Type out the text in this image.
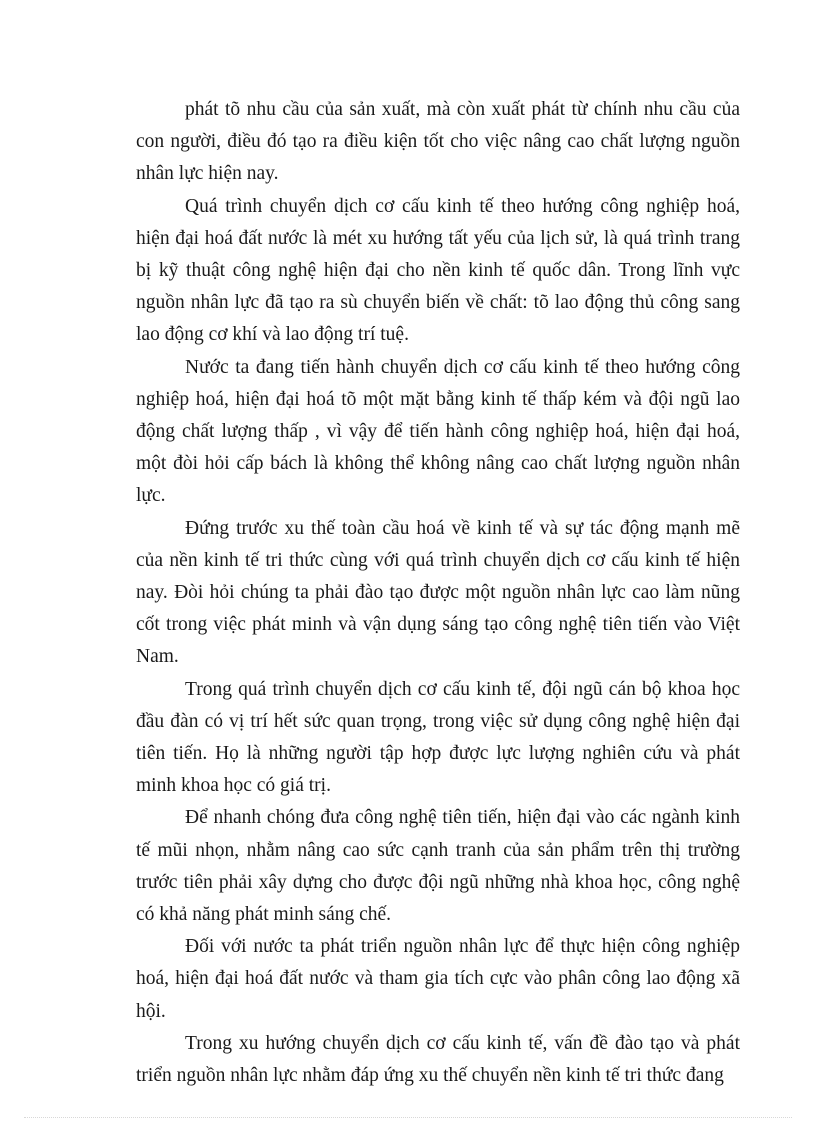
phát tõ nhu cầu của sản xuất, mà còn xuất phát từ chính nhu cầu của con người, điều đó tạo ra điều kiện tốt cho việc nâng cao chất lượng nguồn nhân lực hiện nay.

Quá trình chuyển dịch cơ cấu kinh tế theo hướng công nghiệp hoá, hiện đại hoá đất nước là mét xu hướng tất yếu của lịch sử, là quá trình trang bị kỹ thuật công nghệ hiện đại cho nền kinh tế quốc dân. Trong lĩnh vực nguồn nhân lực đã tạo ra sù chuyển biến về chất: tõ lao động thủ công sang lao động cơ khí và lao động trí tuệ.

Nước ta đang tiến hành chuyển dịch cơ cấu kinh tế theo hướng công nghiệp hoá, hiện đại hoá tõ một mặt bằng kinh tế thấp kém và đội ngũ lao động chất lượng thấp , vì vậy để tiến hành công nghiệp hoá, hiện đại hoá, một đòi hỏi cấp bách là không thể không nâng cao chất lượng nguồn nhân lực.

Đứng trước xu thế toàn cầu hoá về kinh tế và sự tác động mạnh mẽ của nền kinh tế tri thức cùng với quá trình chuyển dịch cơ cấu kinh tế hiện nay. Đòi hỏi chúng ta phải đào tạo được một nguồn nhân lực cao làm nũng cốt trong việc phát minh và vận dụng sáng tạo công nghệ tiên tiến vào Việt Nam.

Trong quá trình chuyển dịch cơ cấu kinh tế, đội ngũ cán bộ khoa học đầu đàn có vị trí hết sức quan trọng, trong việc sử dụng công nghệ hiện đại tiên tiến. Họ là những người tập hợp được lực lượng nghiên cứu và phát minh khoa học có giá trị.

Để nhanh chóng đưa công nghệ tiên tiến, hiện đại vào các ngành kinh tế mũi nhọn, nhằm nâng cao sức cạnh tranh của sản phẩm trên thị trường trước tiên phải xây dựng cho được đội ngũ những nhà khoa học, công nghệ có khả năng phát minh sáng chế.

Đối với nước ta phát triển nguồn nhân lực để thực hiện công nghiệp hoá, hiện đại hoá đất nước và tham gia tích cực vào phân công lao động xã hội.

Trong xu hướng chuyển dịch cơ cấu kinh tế, vấn đề đào tạo và phát triển nguồn nhân lực nhằm đáp ứng xu thế chuyển nền kinh tế tri thức đang
